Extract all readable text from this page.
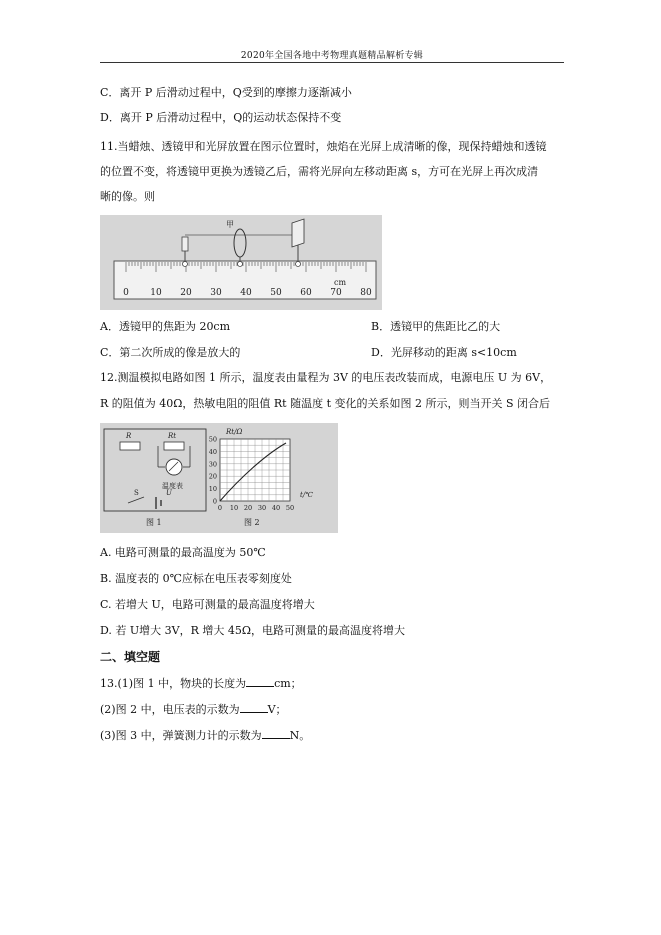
2020年全国各地中考物理真题精品解析专辑
C．离开 P 后滑动过程中，Q受到的摩擦力逐渐减小
D．离开 P 后滑动过程中，Q的运动状态保持不变
11.当蜡烛、透镜甲和光屏放置在图示位置时，烛焰在光屏上成清晰的像，现保持蜡烛和透镜
的位置不变，将透镜甲更换为透镜乙后，需将光屏向左移动距离 s，方可在光屏上再次成清
晰的像。则
甲
cm
0 10 20 30 40 50 60 70 80
A．透镜甲的焦距为 20cm	B．透镜甲的焦距比乙的大
C．第二次所成的像是放大的	D．光屏移动的距离 s<10cm
12.测温模拟电路如图 1 所示，温度表由量程为 3V 的电压表改装而成，电源电压 U 为 6V，
R 的阻值为 40Ω，热敏电阻的阻值 Rt 随温度 t 变化的关系如图 2 所示，则当开关 S 闭合后
R	Rt
温度表
S	U
图 1
Rt/Ω
t/℃
0
10
20
30
40
50
0 10 20 30 40 50
图 2
A. 电路可测量的最高温度为 50℃
B. 温度表的 0℃应标在电压表零刻度处
C. 若增大 U，电路可测量的最高温度将增大
D. 若 U增大 3V，R 增大 45Ω，电路可测量的最高温度将增大
二、填空题
13.(1)图 1 中，物块的长度为	cm；
(2)图 2 中，电压表的示数为	V；
(3)图 3 中，弹簧测力计的示数为	N。
